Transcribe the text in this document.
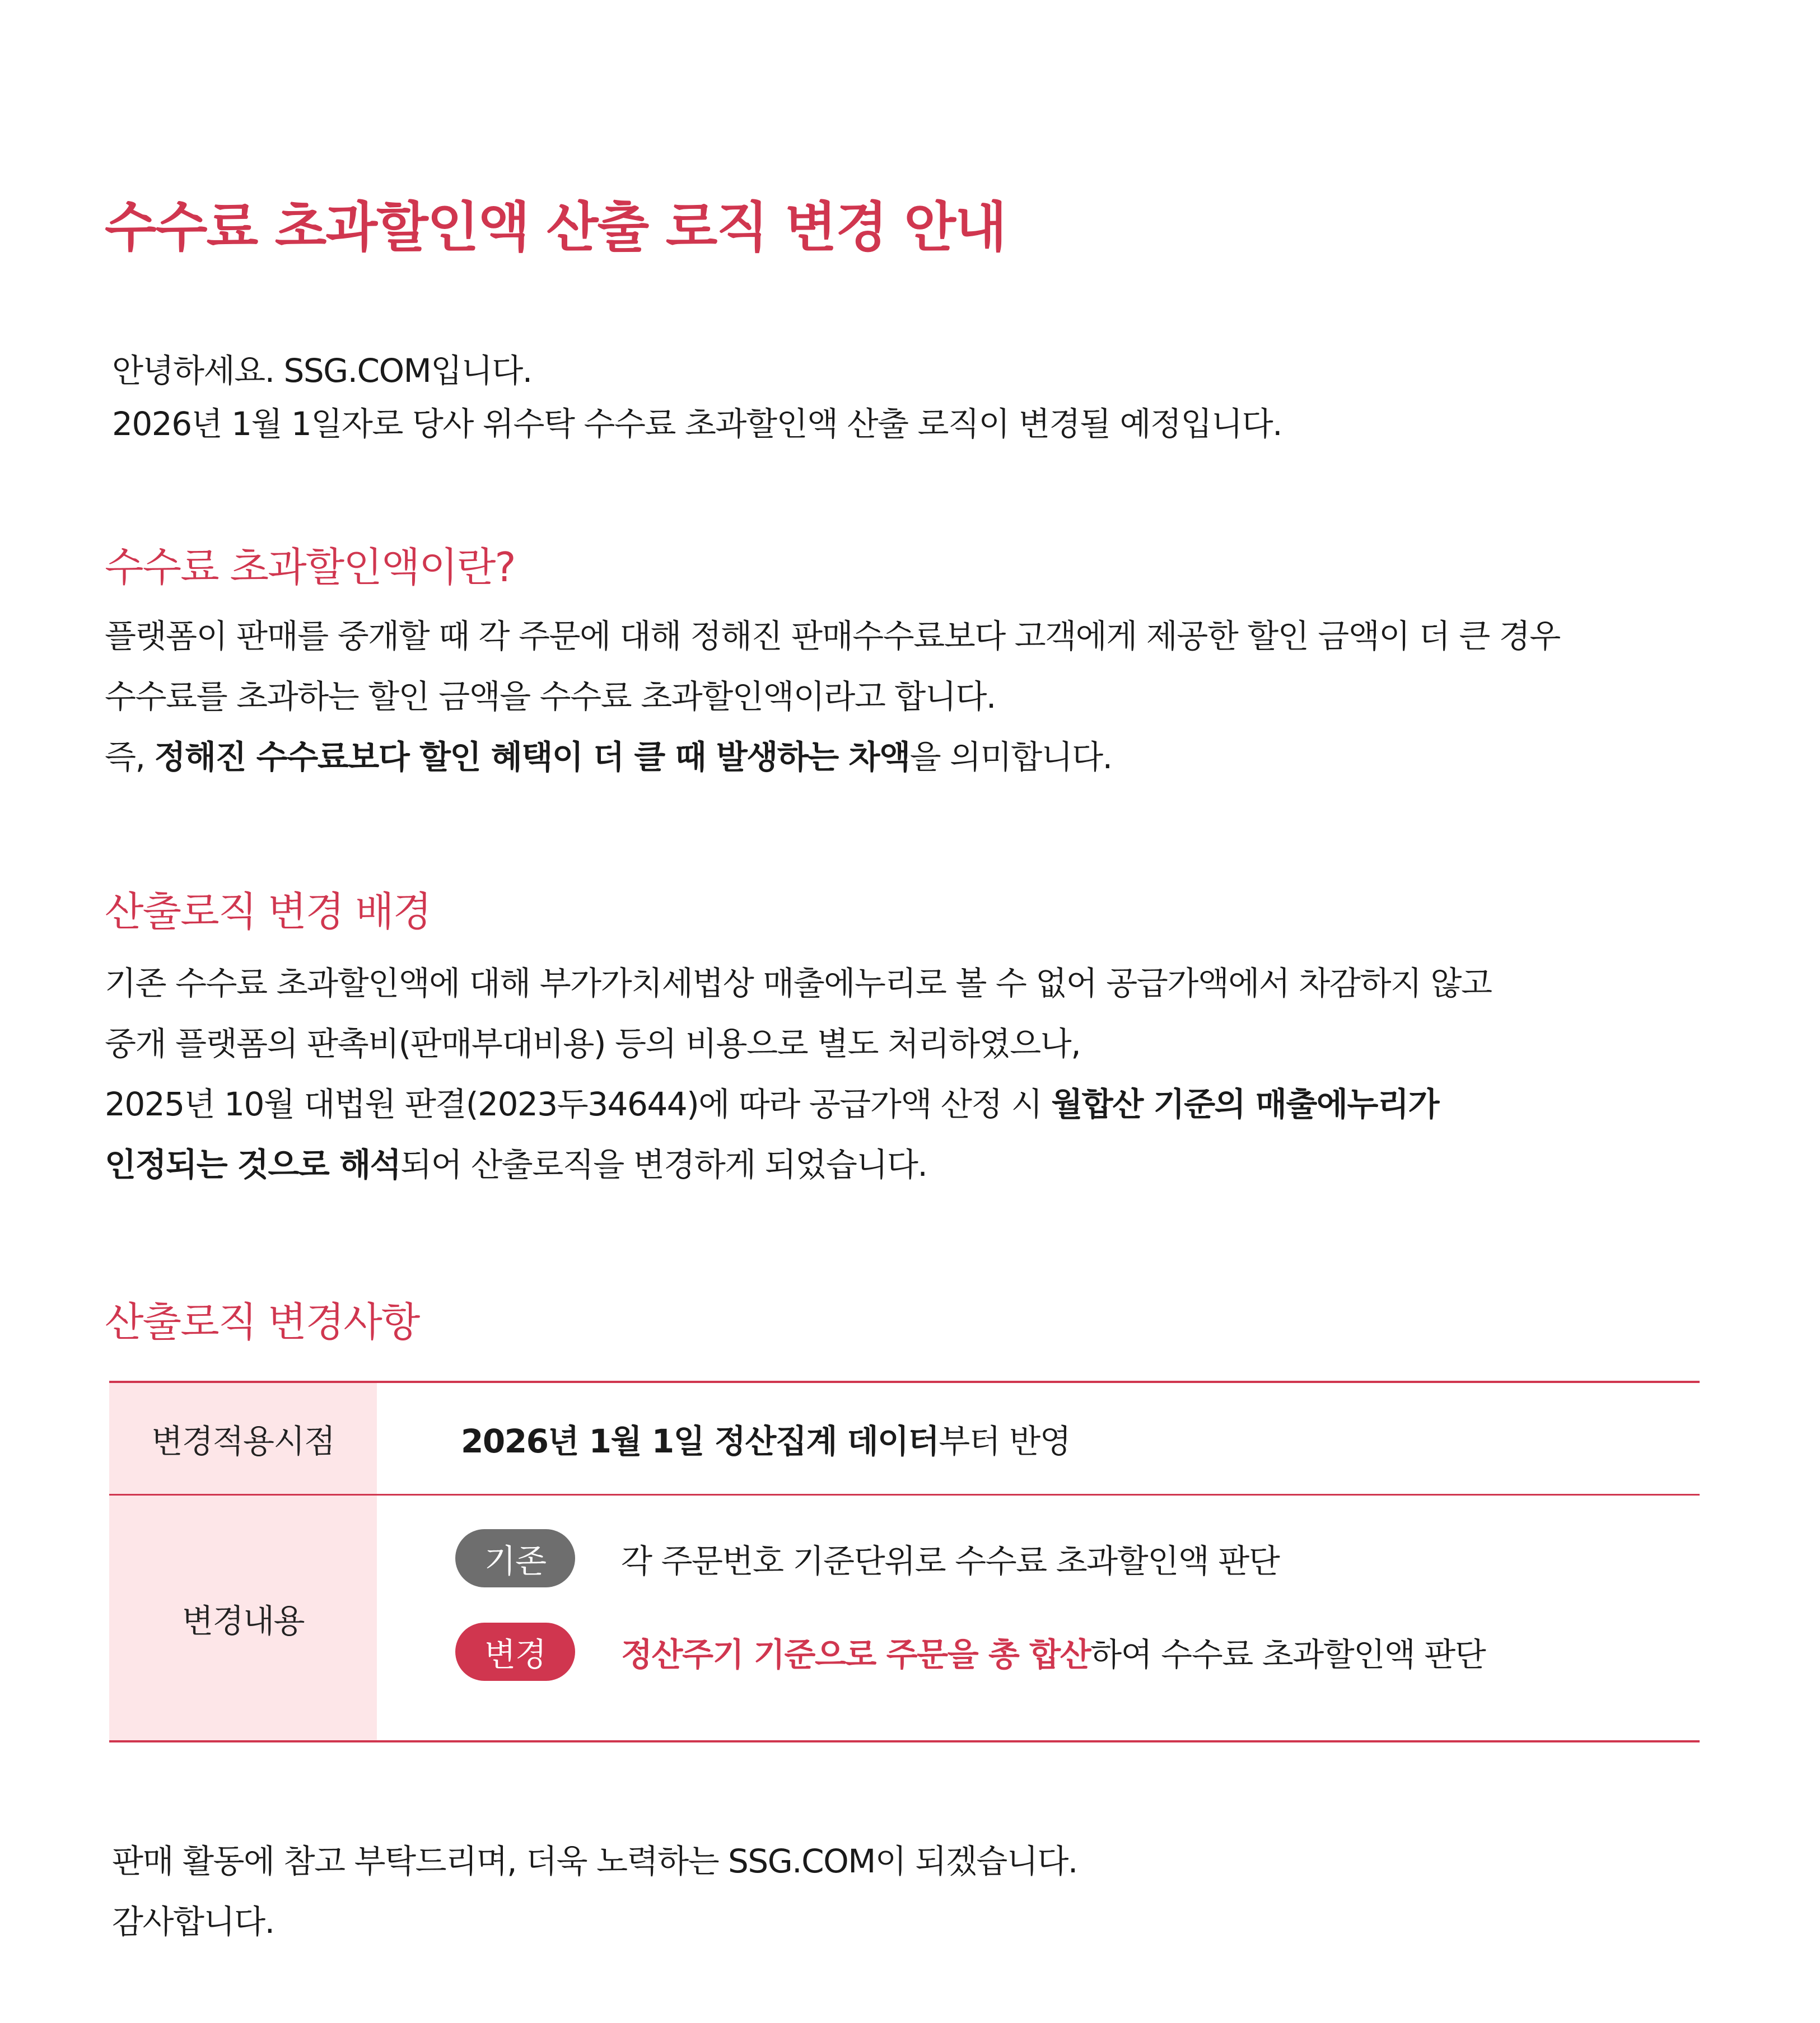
수수료 초과할인액 산출 로직 변경 안내
안녕하세요. SSG.COM입니다.
2026년 1월 1일자로 당사 위수탁 수수료 초과할인액 산출 로직이 변경될 예정입니다.
수수료 초과할인액이란?
플랫폼이 판매를 중개할 때 각 주문에 대해 정해진 판매수수료보다 고객에게 제공한 할인 금액이 더 큰 경우
수수료를 초과하는 할인 금액을 수수료 초과할인액이라고 합니다.
즉, 정해진 수수료보다 할인 혜택이 더 클 때 발생하는 차액을 의미합니다.
산출로직 변경 배경
기존 수수료 초과할인액에 대해 부가가치세법상 매출에누리로 볼 수 없어 공급가액에서 차감하지 않고
중개 플랫폼의 판촉비(판매부대비용) 등의 비용으로 별도 처리하였으나,
2025년 10월 대법원 판결(2023두34644)에 따라 공급가액 산정 시 월합산 기준의 매출에누리가
인정되는 것으로 해석되어 산출로직을 변경하게 되었습니다.
산출로직 변경사항
변경적용시점	2026년 1월 1일 정산집계 데이터 부터 반영
변경내용
기존	각 주문번호 기준단위로 수수료 초과할인액 판단
변경	정산주기 기준으로 주문을 총 합산하여 수수료 초과할인액 판단
판매 활동에 참고 부탁드리며, 더욱 노력하는 SSG.COM이 되겠습니다.
감사합니다.
